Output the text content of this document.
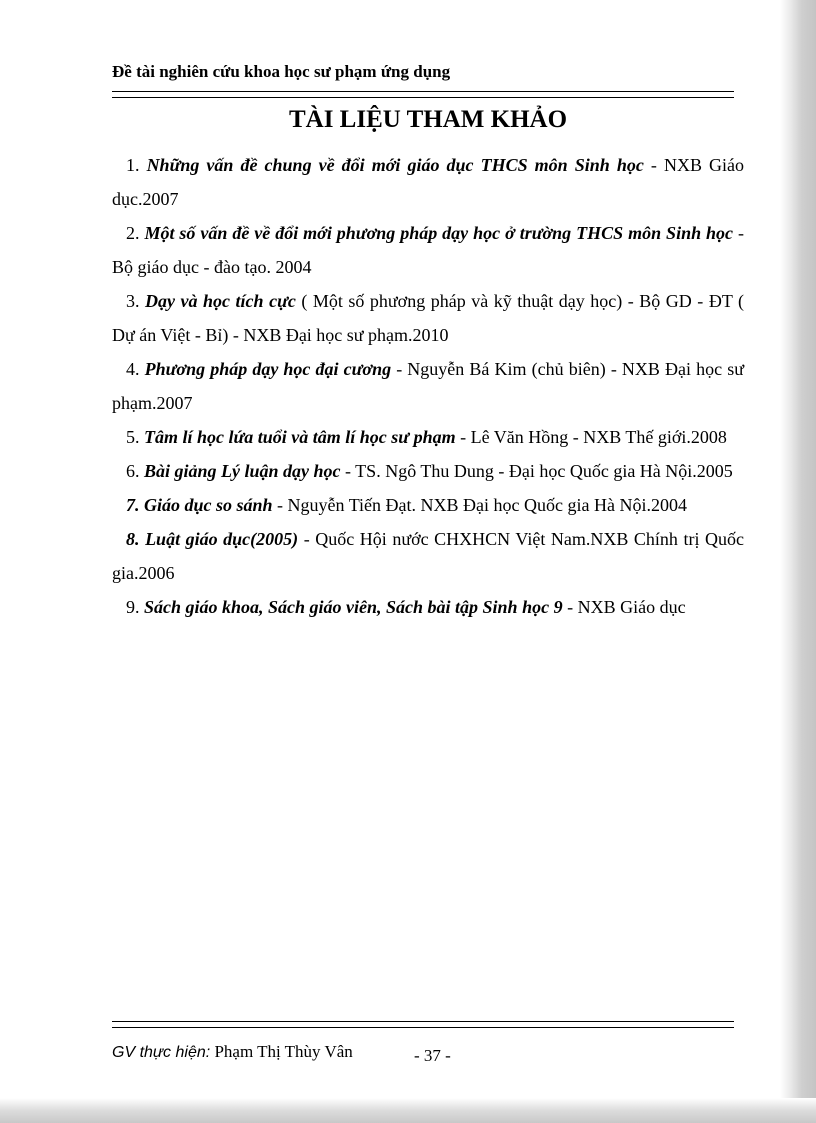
Đề tài nghiên cứu khoa học sư phạm ứng dụng
TÀI LIỆU THAM KHẢO

1. Những vấn đề chung về đổi mới giáo dục THCS môn Sinh học - NXB Giáo dục.2007

2. Một số vấn đề về đổi mới phương pháp dạy học ở trường THCS môn Sinh học - Bộ giáo dục - đào tạo. 2004

3. Dạy và học tích cực ( Một số phương pháp và kỹ thuật dạy học) - Bộ GD - ĐT ( Dự án Việt - Bỉ) - NXB Đại học sư phạm.2010

4. Phương pháp dạy học đại cương - Nguyễn Bá Kim (chủ biên) - NXB Đại học sư phạm.2007

5. Tâm lí học lứa tuổi và tâm lí học sư phạm - Lê Văn Hồng - NXB Thế giới.2008

6. Bài giảng Lý luận dạy học - TS. Ngô Thu Dung - Đại học Quốc gia Hà Nội.2005

7. Giáo dục so sánh - Nguyễn Tiến Đạt. NXB Đại học Quốc gia Hà Nội.2004

8. Luật giáo dục(2005) - Quốc Hội nước CHXHCN Việt Nam.NXB Chính trị Quốc gia.2006

9. Sách giáo khoa, Sách giáo viên, Sách bài tập Sinh học 9 - NXB Giáo dục

GV thực hiện: Phạm Thị Thùy Vân	- 37 -
